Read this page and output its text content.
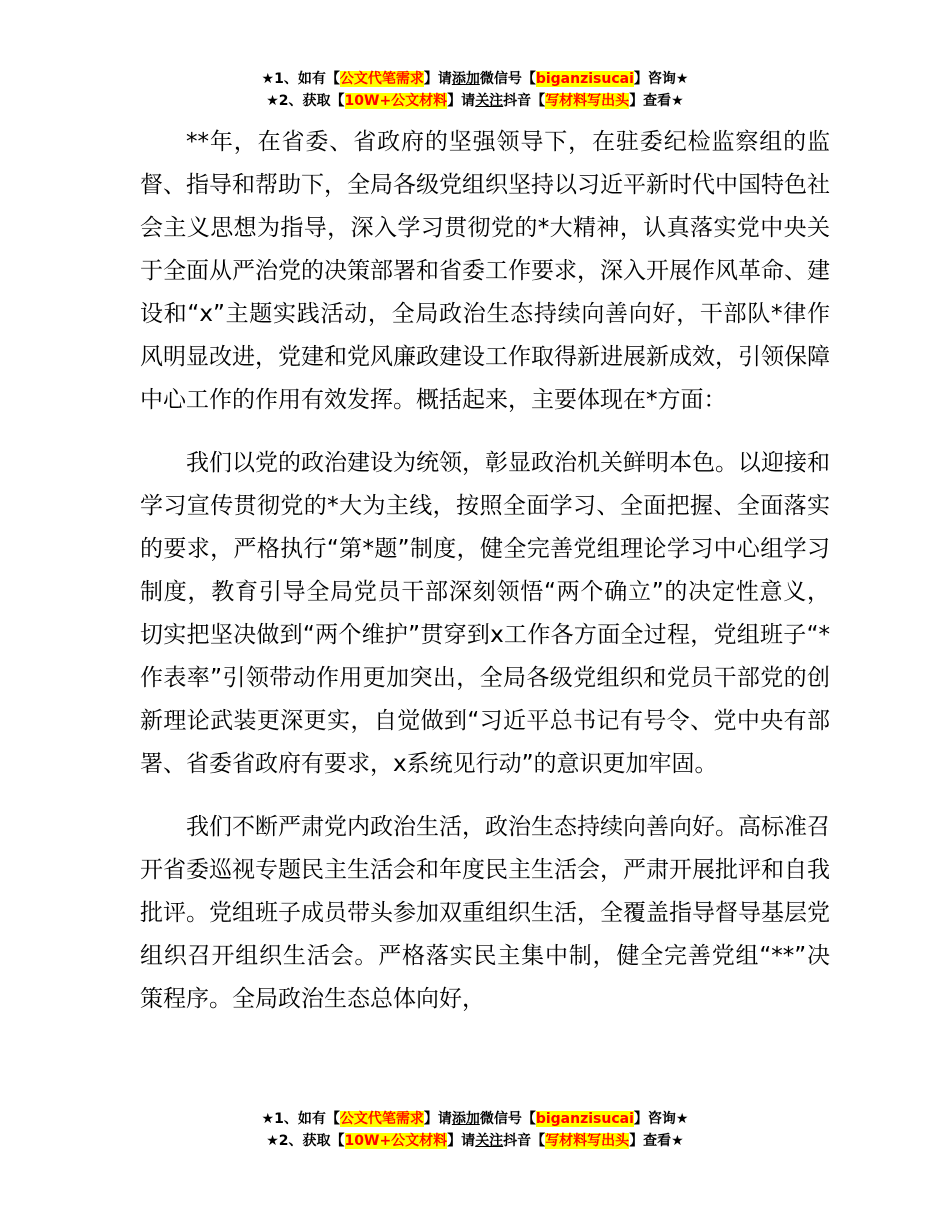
★1、如有【公文代笔需求】请添加微信号【biganzisucai】咨询★
★2、获取【10W+公文材料】请关注抖音【写材料写出头】查看★

**年，在省委、省政府的坚强领导下，在驻委纪检监察组的监督、指导和帮助下，全局各级党组织坚持以习近平新时代中国特色社会主义思想为指导，深入学习贯彻党的*大精神，认真落实党中央关于全面从严治党的决策部署和省委工作要求，深入开展作风革命、建设和“x”主题实践活动，全局政治生态持续向善向好，干部队*律作风明显改进，党建和党风廉政建设工作取得新进展新成效，引领保障中心工作的作用有效发挥。概括起来，主要体现在*方面：

我们以党的政治建设为统领，彰显政治机关鲜明本色。以迎接和学习宣传贯彻党的*大为主线，按照全面学习、全面把握、全面落实的要求，严格执行“第*题”制度，健全完善党组理论学习中心组学习制度，教育引导全局党员干部深刻领悟“两个确立”的决定性意义，切实把坚决做到“两个维护”贯穿到x工作各方面全过程，党组班子“*作表率”引领带动作用更加突出，全局各级党组织和党员干部党的创新理论武装更深更实，自觉做到“习近平总书记有号令、党中央有部署、省委省政府有要求，x系统见行动”的意识更加牢固。

我们不断严肃党内政治生活，政治生态持续向善向好。高标准召开省委巡视专题民主生活会和年度民主生活会，严肃开展批评和自我批评。党组班子成员带头参加双重组织生活，全覆盖指导督导基层党组织召开组织生活会。严格落实民主集中制，健全完善党组“**”决策程序。全局政治生态总体向好，

★1、如有【公文代笔需求】请添加微信号【biganzisucai】咨询★
★2、获取【10W+公文材料】请关注抖音【写材料写出头】查看★
